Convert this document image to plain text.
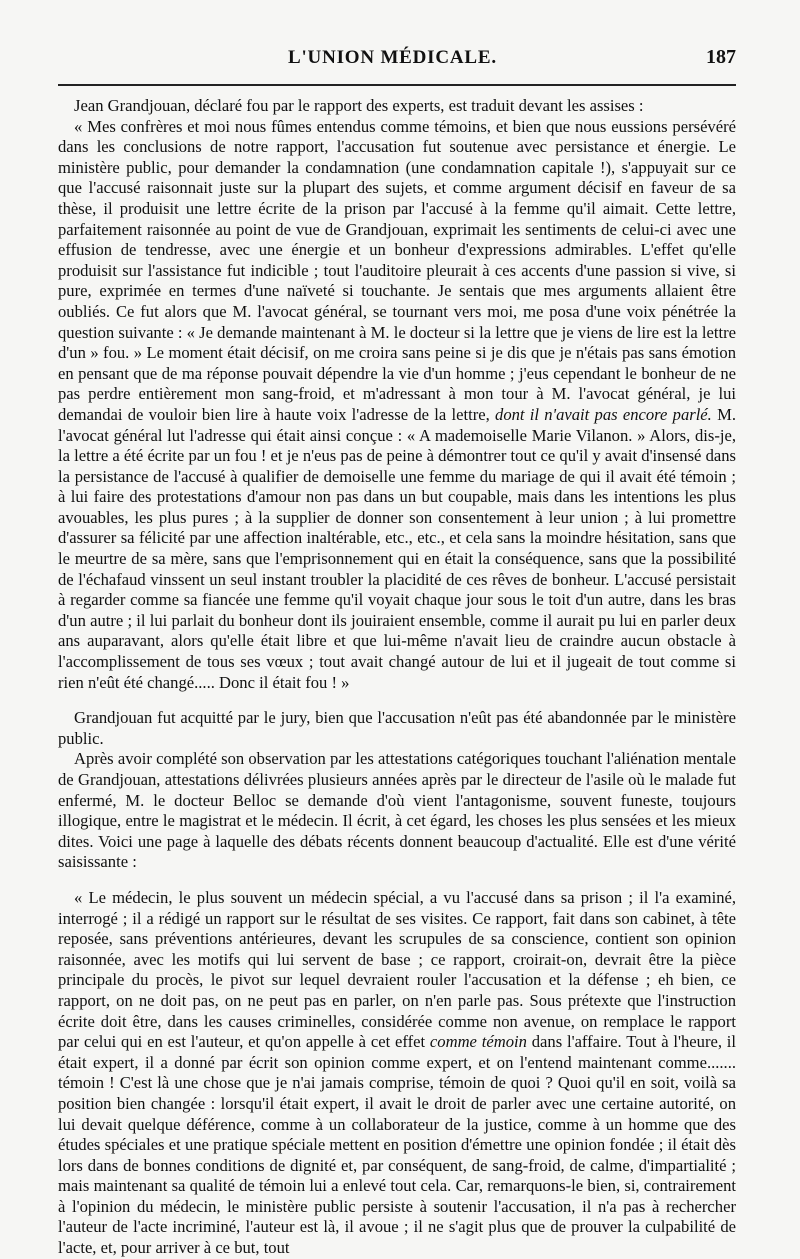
L'UNION MÉDICALE.	187

Jean Grandjouan, déclaré fou par le rapport des experts, est traduit devant les assises :

« Mes confrères et moi nous fûmes entendus comme témoins, et bien que nous eussions persévéré dans les conclusions de notre rapport, l'accusation fut soutenue avec persistance et énergie. Le ministère public, pour demander la condamnation (une condamnation capitale !), s'appuyait sur ce que l'accusé raisonnait juste sur la plupart des sujets, et comme argument décisif en faveur de sa thèse, il produisit une lettre écrite de la prison par l'accusé à la femme qu'il aimait. Cette lettre, parfaitement raisonnée au point de vue de Grandjouan, exprimait les sentiments de celui-ci avec une effusion de tendresse, avec une énergie et un bonheur d'expressions admirables. L'effet qu'elle produisit sur l'assistance fut indicible ; tout l'auditoire pleurait à ces accents d'une passion si vive, si pure, exprimée en termes d'une naïveté si touchante. Je sentais que mes arguments allaient être oubliés. Ce fut alors que M. l'avocat général, se tournant vers moi, me posa d'une voix pénétrée la question suivante : « Je demande maintenant à M. le docteur si la lettre que je viens de lire est la lettre d'un » fou. » Le moment était décisif, on me croira sans peine si je dis que je n'étais pas sans émotion en pensant que de ma réponse pouvait dépendre la vie d'un homme ; j'eus cependant le bonheur de ne pas perdre entièrement mon sang-froid, et m'adressant à mon tour à M. l'avocat général, je lui demandai de vouloir bien lire à haute voix l'adresse de la lettre, dont il n'avait pas encore parlé. M. l'avocat général lut l'adresse qui était ainsi conçue : « A mademoiselle Marie Vilanon. » Alors, dis-je, la lettre a été écrite par un fou ! et je n'eus pas de peine à démontrer tout ce qu'il y avait d'insensé dans la persistance de l'accusé à qualifier de demoiselle une femme du mariage de qui il avait été témoin ; à lui faire des protestations d'amour non pas dans un but coupable, mais dans les intentions les plus avouables, les plus pures ; à la supplier de donner son consentement à leur union ; à lui promettre d'assurer sa félicité par une affection inaltérable, etc., etc., et cela sans la moindre hésitation, sans que le meurtre de sa mère, sans que l'emprisonnement qui en était la conséquence, sans que la possibilité de l'échafaud vinssent un seul instant troubler la placidité de ces rêves de bonheur. L'accusé persistait à regarder comme sa fiancée une femme qu'il voyait chaque jour sous le toit d'un autre, dans les bras d'un autre ; il lui parlait du bonheur dont ils jouiraient ensemble, comme il aurait pu lui en parler deux ans auparavant, alors qu'elle était libre et que lui-même n'avait lieu de craindre aucun obstacle à l'accomplissement de tous ses vœux ; tout avait changé autour de lui et il jugeait de tout comme si rien n'eût été changé..... Donc il était fou ! »

Grandjouan fut acquitté par le jury, bien que l'accusation n'eût pas été abandonnée par le ministère public.

Après avoir complété son observation par les attestations catégoriques touchant l'aliénation mentale de Grandjouan, attestations délivrées plusieurs années après par le directeur de l'asile où le malade fut enfermé, M. le docteur Belloc se demande d'où vient l'antagonisme, souvent funeste, toujours illogique, entre le magistrat et le médecin. Il écrit, à cet égard, les choses les plus sensées et les mieux dites. Voici une page à laquelle des débats récents donnent beaucoup d'actualité. Elle est d'une vérité saisissante :

« Le médecin, le plus souvent un médecin spécial, a vu l'accusé dans sa prison ; il l'a examiné, interrogé ; il a rédigé un rapport sur le résultat de ses visites. Ce rapport, fait dans son cabinet, à tête reposée, sans préventions antérieures, devant les scrupules de sa conscience, contient son opinion raisonnée, avec les motifs qui lui servent de base ; ce rapport, croirait-on, devrait être la pièce principale du procès, le pivot sur lequel devraient rouler l'accusation et la défense ; eh bien, ce rapport, on ne doit pas, on ne peut pas en parler, on n'en parle pas. Sous prétexte que l'instruction écrite doit être, dans les causes criminelles, considérée comme non avenue, on remplace le rapport par celui qui en est l'auteur, et qu'on appelle à cet effet comme témoin dans l'affaire. Tout à l'heure, il était expert, il a donné par écrit son opinion comme expert, et on l'entend maintenant comme....... témoin ! C'est là une chose que je n'ai jamais comprise, témoin de quoi ? Quoi qu'il en soit, voilà sa position bien changée : lorsqu'il était expert, il avait le droit de parler avec une certaine autorité, on lui devait quelque déférence, comme à un collaborateur de la justice, comme à un homme que des études spéciales et une pratique spéciale mettent en position d'émettre une opinion fondée ; il était dès lors dans de bonnes conditions de dignité et, par conséquent, de sang-froid, de calme, d'impartialité ; mais maintenant sa qualité de témoin lui a enlevé tout cela. Car, remarquons-le bien, si, contrairement à l'opinion du médecin, le ministère public persiste à soutenir l'accusation, il n'a pas à rechercher l'auteur de l'acte incriminé, l'auteur est là, il avoue ; il ne s'agit plus que de prouver la culpabilité de l'acte, et, pour arriver à ce but, tout
